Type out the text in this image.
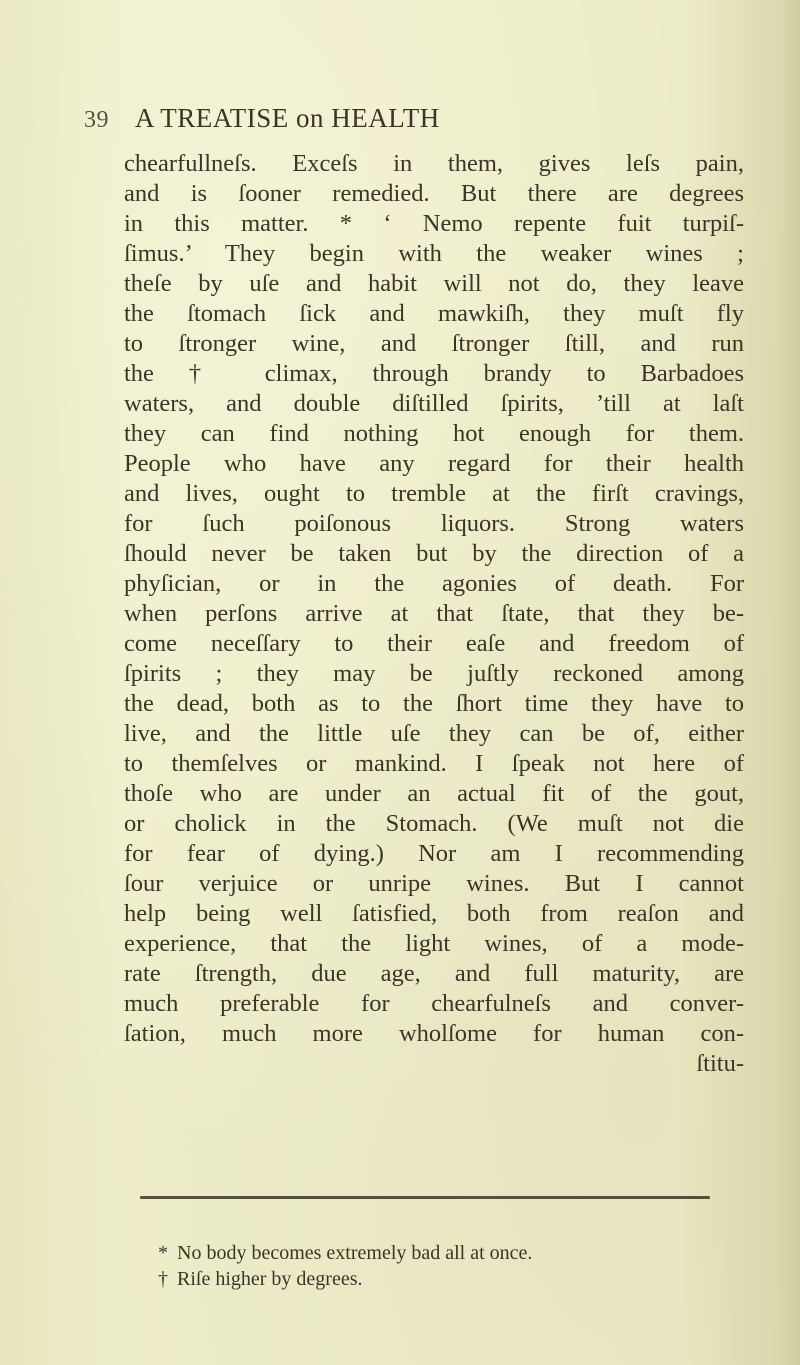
39 A TREATISE on HEALTH
chearfullneſs. Exceſs in them, gives leſs pain,
and is ſooner remedied. But there are degrees
in this matter. * ‘ Nemo repente fuit turpiſ-
ſimus.’ They begin with the weaker wines ;
theſe by uſe and habit will not do, they leave
the ſtomach ſick and mawkiſh, they muſt fly
to ſtronger wine, and ſtronger ſtill, and run
the † climax, through brandy to Barbadoes
waters, and double diſtilled ſpirits, ’till at laſt
they can find nothing hot enough for them.
People who have any regard for their health
and lives, ought to tremble at the firſt cravings,
for ſuch poiſonous liquors. Strong waters
ſhould never be taken but by the direction of a
phyſician, or in the agonies of death. For
when perſons arrive at that ſtate, that they be-
come neceſſary to their eaſe and freedom of
ſpirits ; they may be juſtly reckoned among
the dead, both as to the ſhort time they have to
live, and the little uſe they can be of, either
to themſelves or mankind. I ſpeak not here of
thoſe who are under an actual fit of the gout,
or cholick in the Stomach. (We muſt not die
for fear of dying.) Nor am I recommending
ſour verjuice or unripe wines. But I cannot
help being well ſatisfied, both from reaſon and
experience, that the light wines, of a mode-
rate ſtrength, due age, and full maturity, are
much preferable for chearfulneſs and conver-
ſation, much more wholſome for human con-
ſtitu-
* No body becomes extremely bad all at once.
† Riſe higher by degrees.
